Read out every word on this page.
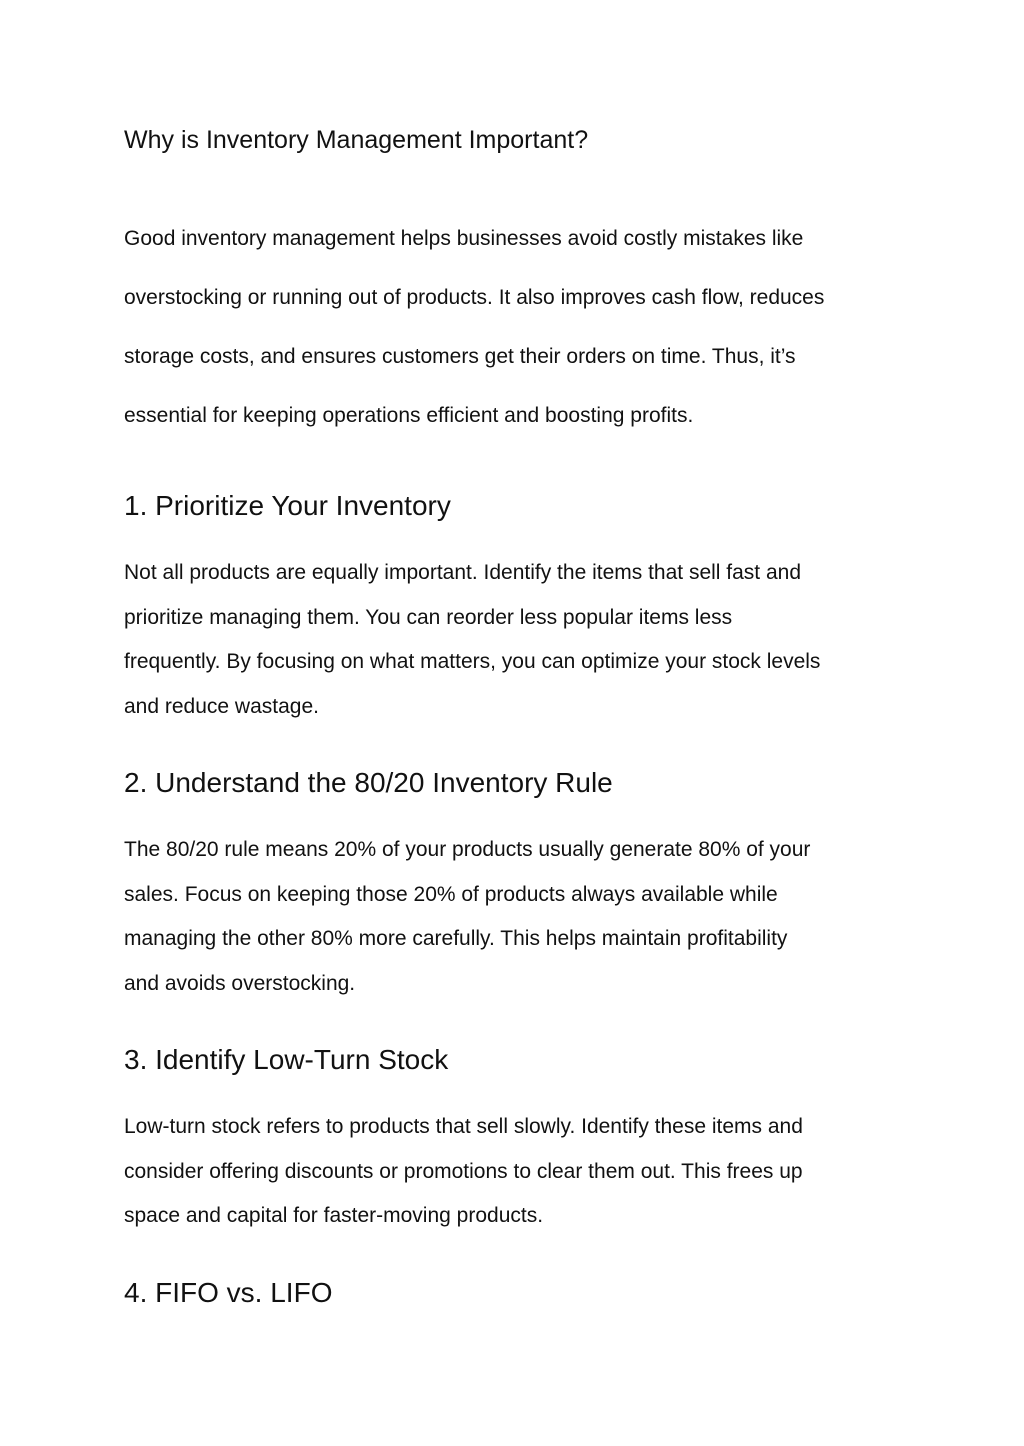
Why is Inventory Management Important?

Good inventory management helps businesses avoid costly mistakes like

overstocking or running out of products. It also improves cash flow, reduces

storage costs, and ensures customers get their orders on time. Thus, it’s

essential for keeping operations efficient and boosting profits.

1. Prioritize Your Inventory

Not all products are equally important. Identify the items that sell fast and
prioritize managing them. You can reorder less popular items less
frequently. By focusing on what matters, you can optimize your stock levels
and reduce wastage.

2. Understand the 80/20 Inventory Rule

The 80/20 rule means 20% of your products usually generate 80% of your
sales. Focus on keeping those 20% of products always available while
managing the other 80% more carefully. This helps maintain profitability
and avoids overstocking.

3. Identify Low-Turn Stock

Low-turn stock refers to products that sell slowly. Identify these items and
consider offering discounts or promotions to clear them out. This frees up
space and capital for faster-moving products.

4. FIFO vs. LIFO
